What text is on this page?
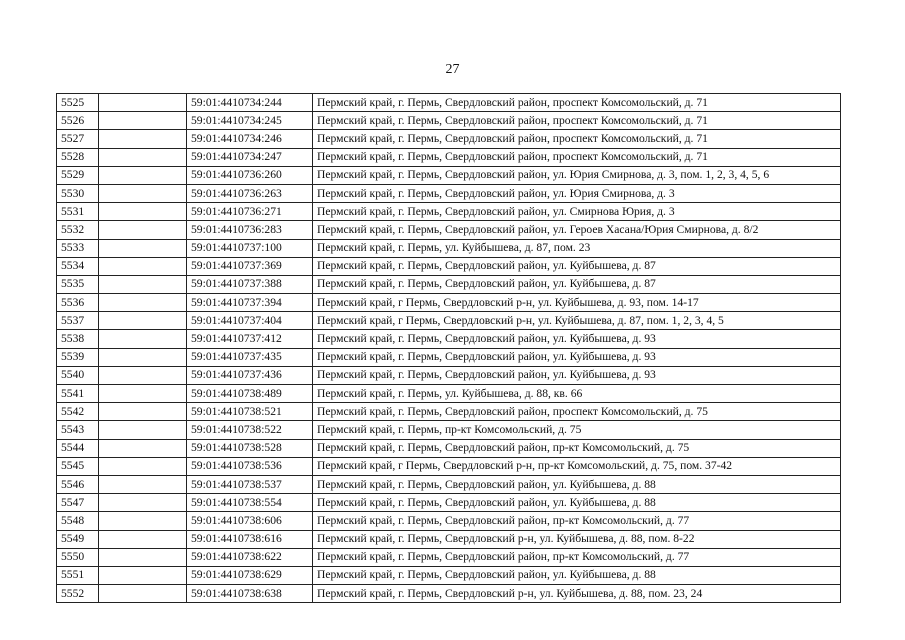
27
5525		59:01:4410734:244	Пермский край, г. Пермь, Свердловский район, проспект Комсомольский, д. 71
5526		59:01:4410734:245	Пермский край, г. Пермь, Свердловский район, проспект Комсомольский, д. 71
5527		59:01:4410734:246	Пермский край, г. Пермь, Свердловский район, проспект Комсомольский, д. 71
5528		59:01:4410734:247	Пермский край, г. Пермь, Свердловский район, проспект Комсомольский, д. 71
5529		59:01:4410736:260	Пермский край, г. Пермь, Свердловский район, ул. Юрия Смирнова, д. 3, пом. 1, 2, 3, 4, 5, 6
5530		59:01:4410736:263	Пермский край, г. Пермь, Свердловский район, ул. Юрия Смирнова, д. 3
5531		59:01:4410736:271	Пермский край, г. Пермь, Свердловский район, ул. Смирнова Юрия, д. 3
5532		59:01:4410736:283	Пермский край, г. Пермь, Свердловский район, ул. Героев Хасана/Юрия Смирнова, д. 8/2
5533		59:01:4410737:100	Пермский край, г. Пермь, ул. Куйбышева, д. 87, пом. 23
5534		59:01:4410737:369	Пермский край, г. Пермь, Свердловский район, ул. Куйбышева, д. 87
5535		59:01:4410737:388	Пермский край, г. Пермь, Свердловский район, ул. Куйбышева, д. 87
5536		59:01:4410737:394	Пермский край, г Пермь, Свердловский р-н, ул. Куйбышева, д. 93, пом. 14-17
5537		59:01:4410737:404	Пермский край, г Пермь, Свердловский р-н, ул. Куйбышева, д. 87, пом. 1, 2, 3, 4, 5
5538		59:01:4410737:412	Пермский край, г. Пермь, Свердловский район, ул. Куйбышева, д. 93
5539		59:01:4410737:435	Пермский край, г. Пермь, Свердловский район, ул. Куйбышева, д. 93
5540		59:01:4410737:436	Пермский край, г. Пермь, Свердловский район, ул. Куйбышева, д. 93
5541		59:01:4410738:489	Пермский край, г. Пермь, ул. Куйбышева, д. 88, кв. 66
5542		59:01:4410738:521	Пермский край, г. Пермь, Свердловский район, проспект Комсомольский, д. 75
5543		59:01:4410738:522	Пермский край, г. Пермь, пр-кт Комсомольский, д. 75
5544		59:01:4410738:528	Пермский край, г. Пермь, Свердловский район, пр-кт Комсомольский, д. 75
5545		59:01:4410738:536	Пермский край, г Пермь, Свердловский р-н, пр-кт Комсомольский, д. 75, пом. 37-42
5546		59:01:4410738:537	Пермский край, г. Пермь, Свердловский район, ул. Куйбышева, д. 88
5547		59:01:4410738:554	Пермский край, г. Пермь, Свердловский район, ул. Куйбышева, д. 88
5548		59:01:4410738:606	Пермский край, г. Пермь, Свердловский район, пр-кт Комсомольский, д. 77
5549		59:01:4410738:616	Пермский край, г. Пермь, Свердловский р-н, ул. Куйбышева, д. 88, пом. 8-22
5550		59:01:4410738:622	Пермский край, г. Пермь, Свердловский район, пр-кт Комсомольский, д. 77
5551		59:01:4410738:629	Пермский край, г. Пермь, Свердловский район, ул. Куйбышева, д. 88
5552		59:01:4410738:638	Пермский край, г. Пермь, Свердловский р-н, ул. Куйбышева, д. 88, пом. 23, 24
